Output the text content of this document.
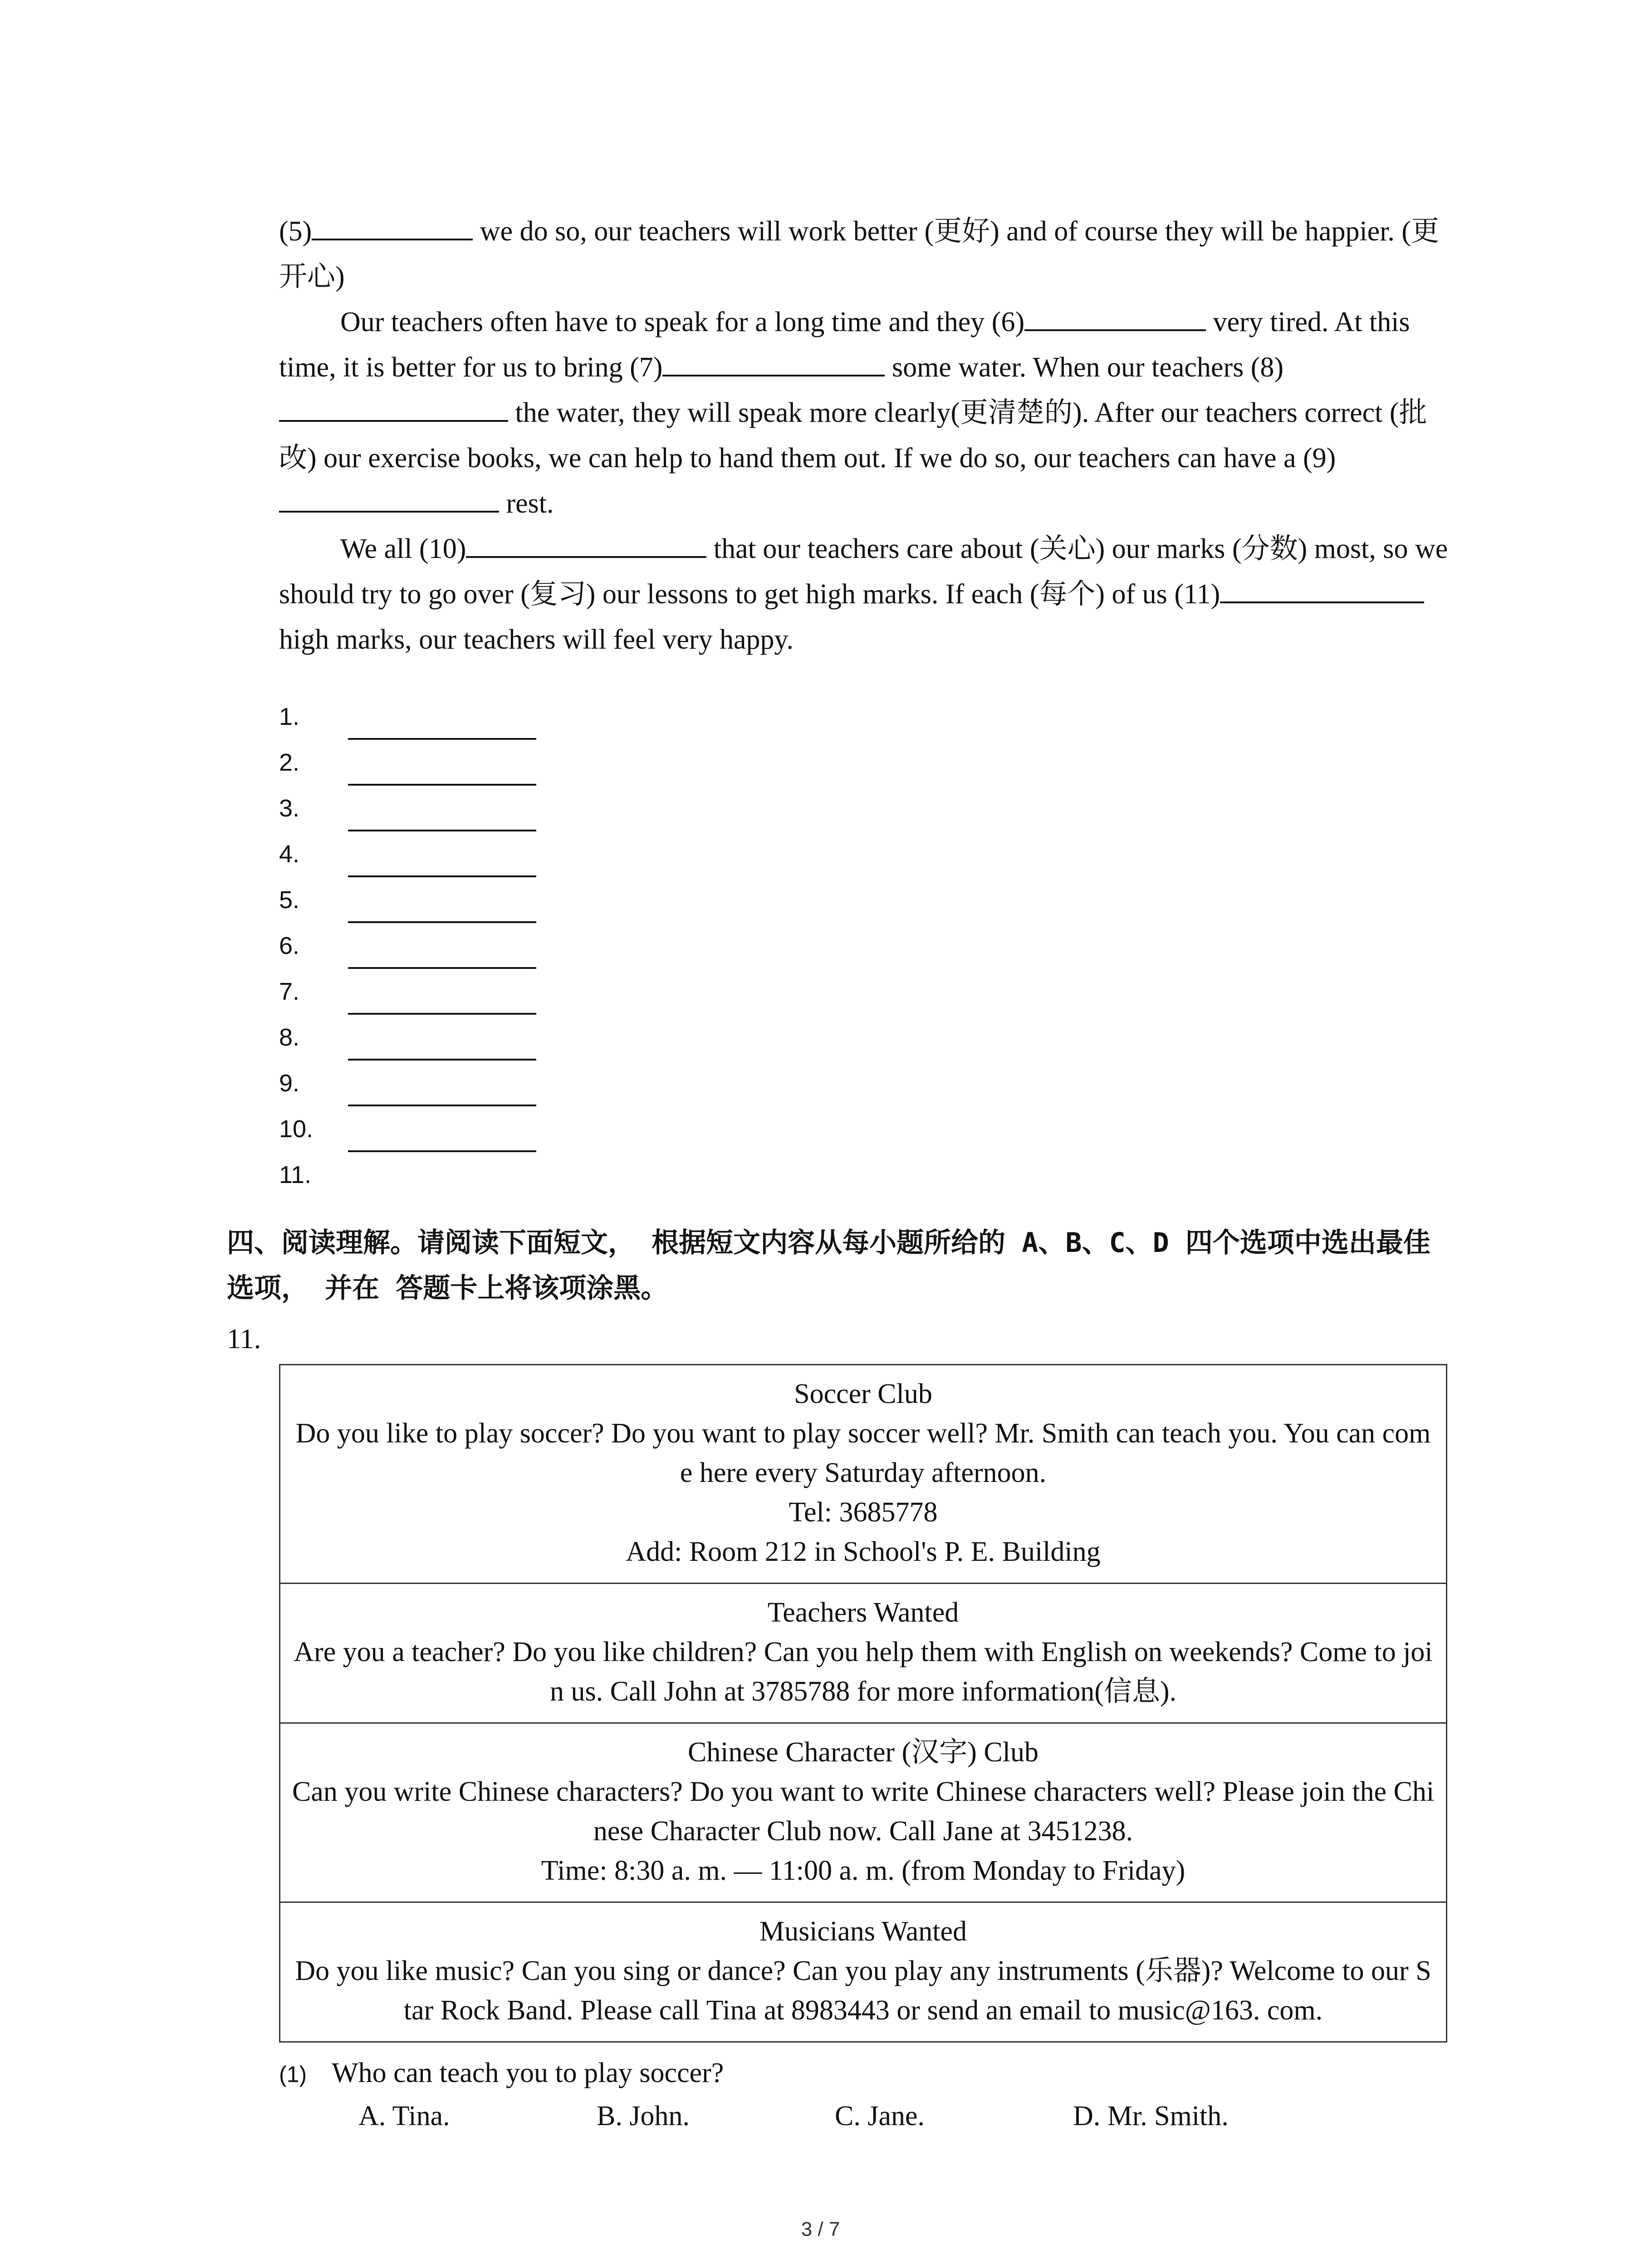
(5)	we do so, our teachers will work better (更好) and of course they will be happier. (更开心)

Our teachers often have to speak for a long time and they (6)	very tired. At this time, it is better for us to bring (7)	some water. When our teachers (8) the water, they will speak more clearly(更清楚的). After our teachers correct (批改) our exercise books, we can help to hand them out. If we do so, our teachers can have a (9) rest.

We all (10)	that our teachers care about (关心) our marks (分数) most, so we should try to go over (复习) our lessons to get high marks. If each (每个) of us (11) high marks, our teachers will feel very happy.

1.
2.
3.
4.
5.
6.
7.
8.
9.
10.
11.
四、阅读理解。请阅读下面短文， 根据短文内容从每小题所给的 A、B、C、D 四个选项中选出最佳选项， 并在 答题卡上将该项涂黑。
11.
Soccer Club
Do you like to play soccer? Do you want to play soccer well? Mr. Smith can teach you. You can come here every Saturday afternoon.
Tel: 3685778
Add: Room 212 in School's P. E. Building

Teachers Wanted
Are you a teacher? Do you like children? Can you help them with English on weekends? Come to join us. Call John at 3785788 for more information(信息).

Chinese Character (汉字) Club
Can you write Chinese characters? Do you want to write Chinese characters well? Please join the Chinese Character Club now. Call Jane at 3451238.
Time: 8:30 a. m. — 11:00 a. m. (from Monday to Friday)

Musicians Wanted
Do you like music? Can you sing or dance? Can you play any instruments (乐器)? Welcome to our Star Rock Band. Please call Tina at 8983443 or send an email to music@163. com.
(1) Who can teach you to play soccer?
A. Tina.	B. John.	C. Jane.	D. Mr. Smith.
3 / 7
